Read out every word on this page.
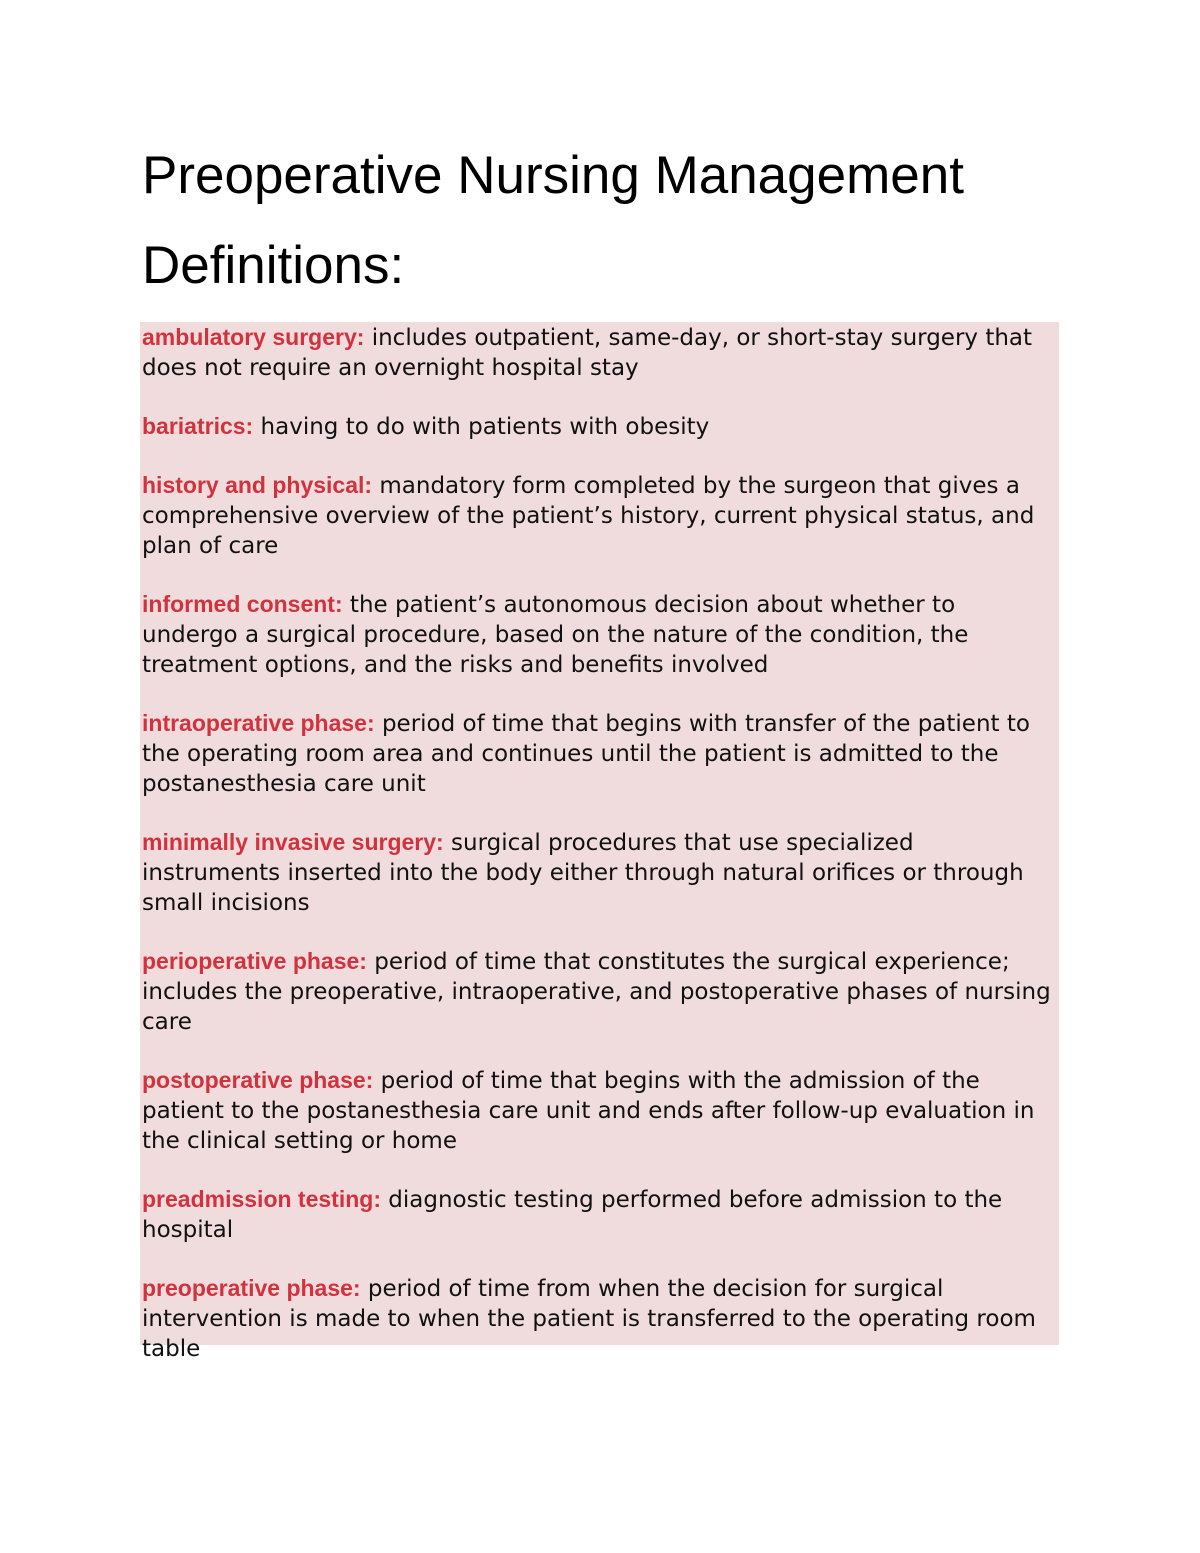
Preoperative Nursing Management
Definitions:

ambulatory surgery: includes outpatient, same-day, or short-stay surgery that does not require an overnight hospital stay

bariatrics: having to do with patients with obesity

history and physical: mandatory form completed by the surgeon that gives a comprehensive overview of the patient’s history, current physical status, and plan of care

informed consent: the patient’s autonomous decision about whether to undergo a surgical procedure, based on the nature of the condition, the treatment options, and the risks and benefits involved

intraoperative phase: period of time that begins with transfer of the patient to the operating room area and continues until the patient is admitted to the postanesthesia care unit

minimally invasive surgery: surgical procedures that use specialized instruments inserted into the body either through natural orifices or through small incisions

perioperative phase: period of time that constitutes the surgical experience; includes the preoperative, intraoperative, and postoperative phases of nursing care

postoperative phase: period of time that begins with the admission of the patient to the postanesthesia care unit and ends after follow-up evaluation in the clinical setting or home

preadmission testing: diagnostic testing performed before admission to the hospital

preoperative phase: period of time from when the decision for surgical intervention is made to when the patient is transferred to the operating room table
